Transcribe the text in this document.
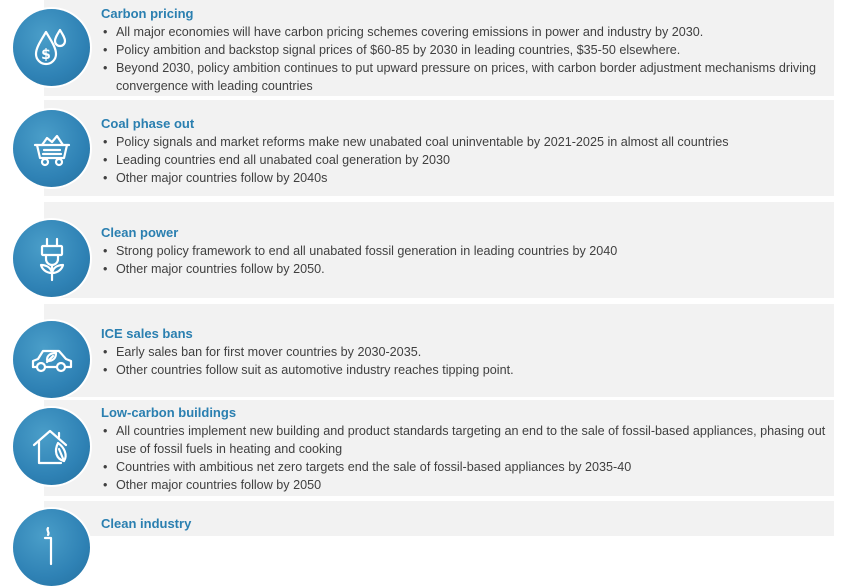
$
Carbon pricing
• All major economies will have carbon pricing schemes covering emissions in power and industry by 2030.
• Policy ambition and backstop signal prices of $60-85 by 2030 in leading countries, $35-50 elsewhere.
• Beyond 2030, policy ambition continues to put upward pressure on prices, with carbon border adjustment mechanisms driving convergence with leading countries
Coal phase out
• Policy signals and market reforms make new unabated coal uninventable by 2021-2025 in almost all countries
• Leading countries end all unabated coal generation by 2030
• Other major countries follow by 2040s
Clean power
• Strong policy framework to end all unabated fossil generation in leading countries by 2040
• Other major countries follow by 2050.
ICE sales bans
• Early sales ban for first mover countries by 2030-2035.
• Other countries follow suit as automotive industry reaches tipping point.
Low-carbon buildings
• All countries implement new building and product standards targeting an end to the sale of fossil-based appliances, phasing out use of fossil fuels in heating and cooking
• Countries with ambitious net zero targets end the sale of fossil-based appliances by 2035-40
• Other major countries follow by 2050
Clean industry
